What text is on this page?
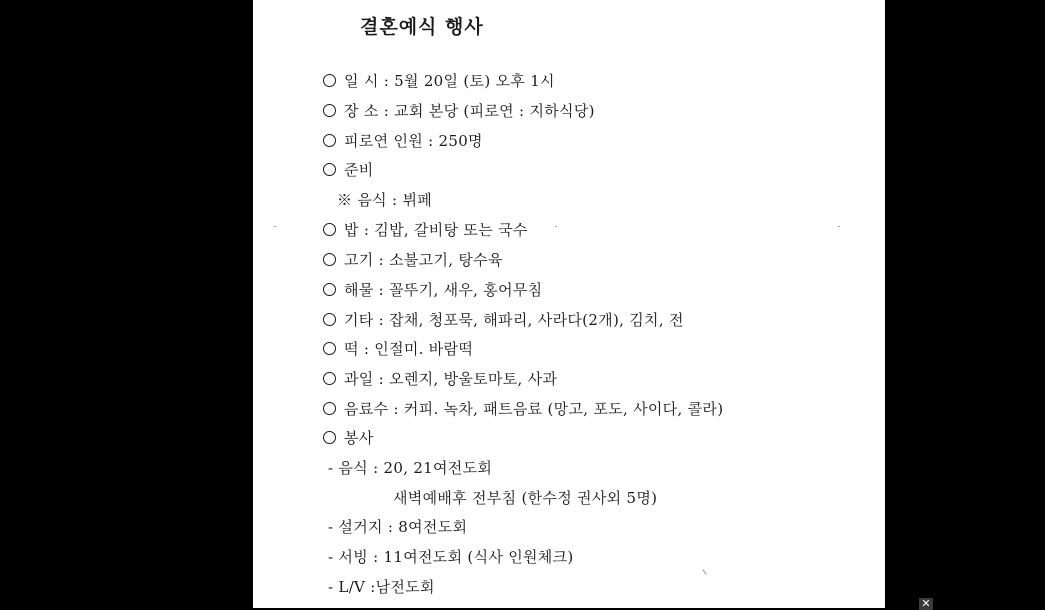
결혼예식 행사
일 시 : 5월 20일 (토) 오후 1시
장 소 : 교회 본당 (피로연 : 지하식당)
피로연 인원 : 250명
준비
※ 음식 : 뷔페
밥 : 김밥, 갈비탕 또는 국수
고기 : 소불고기, 탕수육
해물 : 꼴뚜기, 새우, 홍어무침
기타 : 잡채, 청포묵, 해파리, 사라다(2개), 김치, 전
떡 : 인절미. 바람떡
과일 : 오렌지, 방울토마토, 사과
음료수 : 커피. 녹차, 패트음료 (망고, 포도, 사이다, 콜라)
봉사
- 음식 : 20, 21여전도회
새벽예배후 전부침 (한수정 권사외 5명)
- 설거지 : 8여전도회
- 서빙 : 11여전도회 (식사 인원체크)
- L/V :남전도회
✕
